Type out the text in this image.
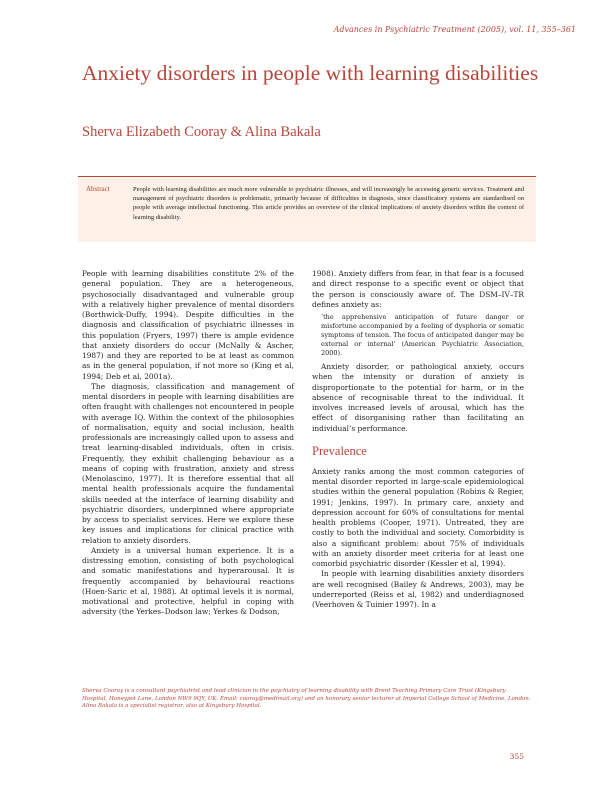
Advances in Psychiatric Treatment (2005), vol. 11, 355–361
Anxiety disorders in people with learning disabilities

Sherva Elizabeth Cooray & Alina Bakala

Abstract	People with learning disabilities are much more vulnerable to psychiatric illnesses, and will increasingly be accessing generic services. Treatment and management of psychiatric disorders is problematic, primarily because of difficulties in diagnosis, since classificatory systems are standardised on people with average intellectual functioning. This article provides an overview of the clinical implications of anxiety disorders within the context of learning disability.

People with learning disabilities constitute 2% of the general population. They are a heterogeneous, psychosocially disadvantaged and vulnerable group with a relatively higher prevalence of mental disorders (Borthwick-Duffy, 1994). Despite difficulties in the diagnosis and classification of psychiatric illnesses in this population (Fryers, 1997) there is ample evidence that anxiety disorders do occur (McNally & Ascher, 1987) and they are reported to be at least as common as in the general population, if not more so (King et al, 1994; Deb et al, 2001a).

The diagnosis, classification and management of mental disorders in people with learning disabilities are often fraught with challenges not encountered in people with average IQ. Within the context of the philosophies of normalisation, equity and social inclusion, health professionals are increasingly called upon to assess and treat learning-disabled individuals, often in crisis. Frequently, they exhibit challenging behaviour as a means of coping with frustration, anxiety and stress (Menolascino, 1977). It is therefore essential that all mental health professionals acquire the fundamental skills needed at the interface of learning disability and psychiatric disorders, underpinned where appropriate by access to specialist services. Here we explore these key issues and implications for clinical practice with relation to anxiety disorders.

Anxiety is a universal human experience. It is a distressing emotion, consisting of both psychological and somatic manifestations and hyperarousal. It is frequently accompanied by behavioural reactions (Hoen-Saric et al, 1988). At optimal levels it is normal, motivational and protective, helpful in coping with adversity (the Yerkes–Dodson law; Yerkes & Dodson,

1908). Anxiety differs from fear, in that fear is a focused and direct response to a specific event or object that the person is consciously aware of. The DSM–IV–TR defines anxiety as:

‘the apprehensive anticipation of future danger or misfortune accompanied by a feeling of dysphoria or somatic symptoms of tension. The focus of anticipated danger may be external or internal’ (American Psychiatric Association, 2000).

Anxiety disorder, or pathological anxiety, occurs when the intensity or duration of anxiety is disproportionate to the potential for harm, or in the absence of recognisable threat to the individual. It involves increased levels of arousal, which has the effect of disorganising rather than facilitating an individual’s performance.

Prevalence

Anxiety ranks among the most common categories of mental disorder reported in large-scale epidemiological studies within the general population (Robins & Regier, 1991; Jenkins, 1997). In primary care, anxiety and depression account for 60% of consultations for mental health problems (Cooper, 1971). Untreated, they are costly to both the individual and society. Comorbidity is also a significant problem: about 75% of individuals with an anxiety disorder meet criteria for at least one comorbid psychiatric disorder (Kessler et al, 1994).

In people with learning disabilities anxiety disorders are well recognised (Bailey & Andrews, 2003), may be underreported (Reiss et al, 1982) and underdiagnosed (Veerhoven & Tuinier 1997). In a

Sherva Cooray is a consultant psychiatrist and lead clinician in the psychiatry of learning disability with Brent Teaching Primary Care Trust (Kingsbury Hospital, Honeypot Lane, London NW9 9QY, UK. Email: cooray@medimail.org) and an honorary senior lecturer at Imperial College School of Medicine, London. Alina Bakala is a specialist registrar, also at Kingsbury Hospital.

355
